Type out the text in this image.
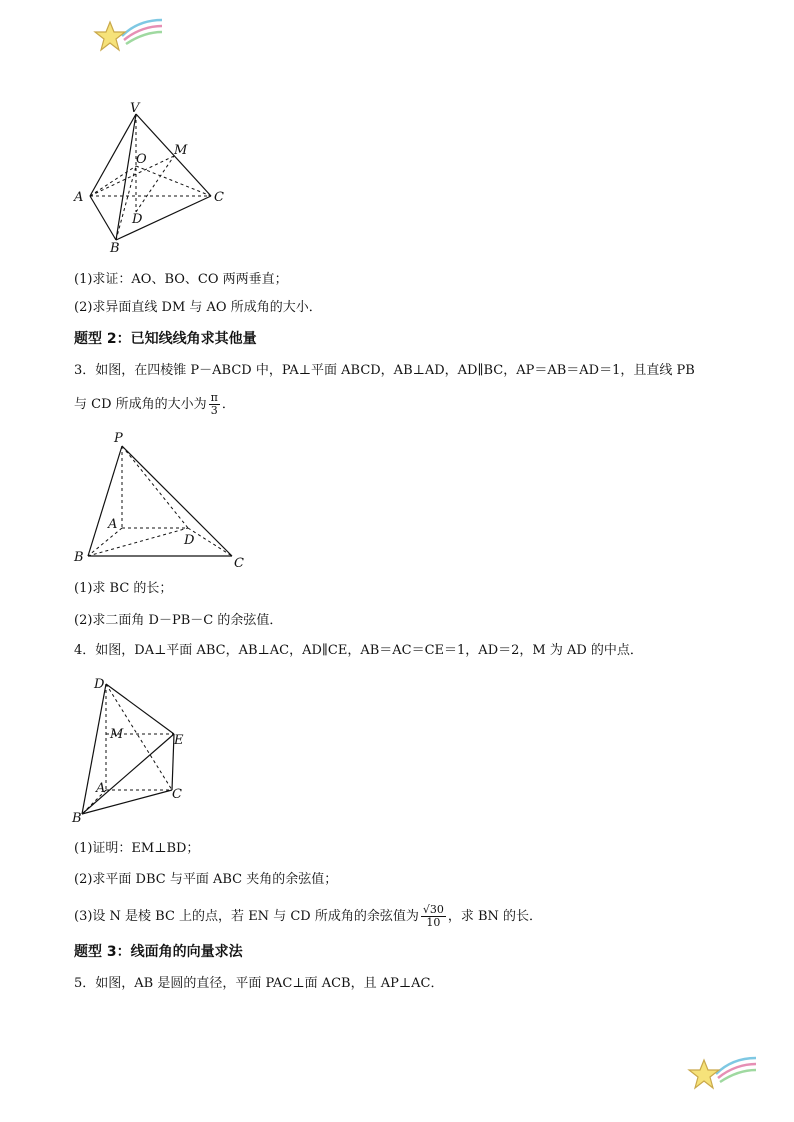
V
O
M
A	C
D
B
(1)求证：AO、BO、CO 两两垂直；
(2)求异面直线 DM 与 AO 所成角的大小．
题型 2：已知线线角求其他量
3．如图，在四棱锥 P－ABCD 中，PA⊥平面 ABCD，AB⊥AD，AD∥BC，AP＝AB＝AD＝1，且直线 PB
与 CD 所成角的大小为 $\frac{\pi}{3}$ ．
P
A
D
B	C
(1)求 BC 的长；
(2)求二面角 D－PB－C 的余弦值．
4．如图，DA⊥平面 ABC，AB⊥AC，AD∥CE，AB＝AC＝CE＝1，AD＝2，M 为 AD 的中点．
D
M	E
A	C
B
(1)证明：EM⊥BD；
(2)求平面 DBC 与平面 ABC 夹角的余弦值；
(3)设 N 是棱 BC 上的点，若 EN 与 CD 所成角的余弦值为 $\frac{√30}{10}$ ，求 BN 的长．
题型 3：线面角的向量求法
5．如图，AB 是圆的直径，平面 PAC⊥面 ACB，且 AP⊥AC．
